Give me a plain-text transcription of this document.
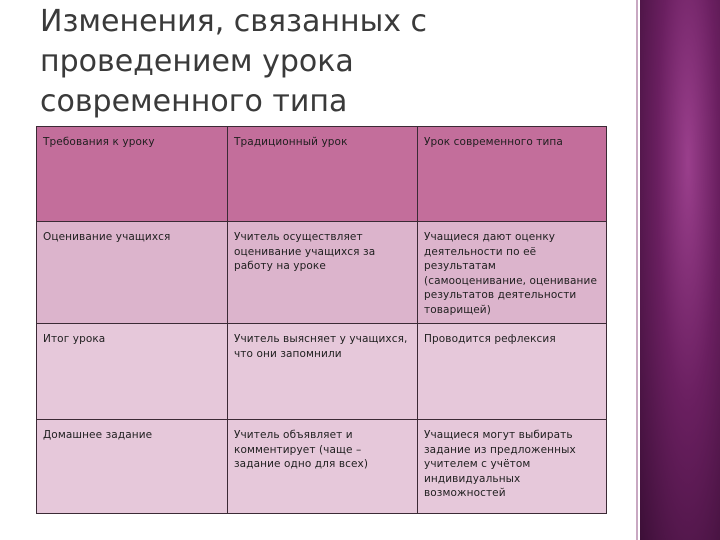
Изменения, связанных с
проведением урока
современного типа
Требования к уроку	Традиционный урок	Урок современного типа
Оценивание учащихся	Учитель осуществляет оценивание учащихся за работу на уроке	Учащиеся дают оценку деятельности по её результатам (самооценивание, оценивание результатов деятельности товарищей)
Итог урока	Учитель выясняет у учащихся, что они запомнили	Проводится рефлексия
Домашнее задание	Учитель объявляет и комментирует (чаще – задание одно для всех)	Учащиеся могут выбирать задание из предложенных учителем с учётом индивидуальных возможностей
